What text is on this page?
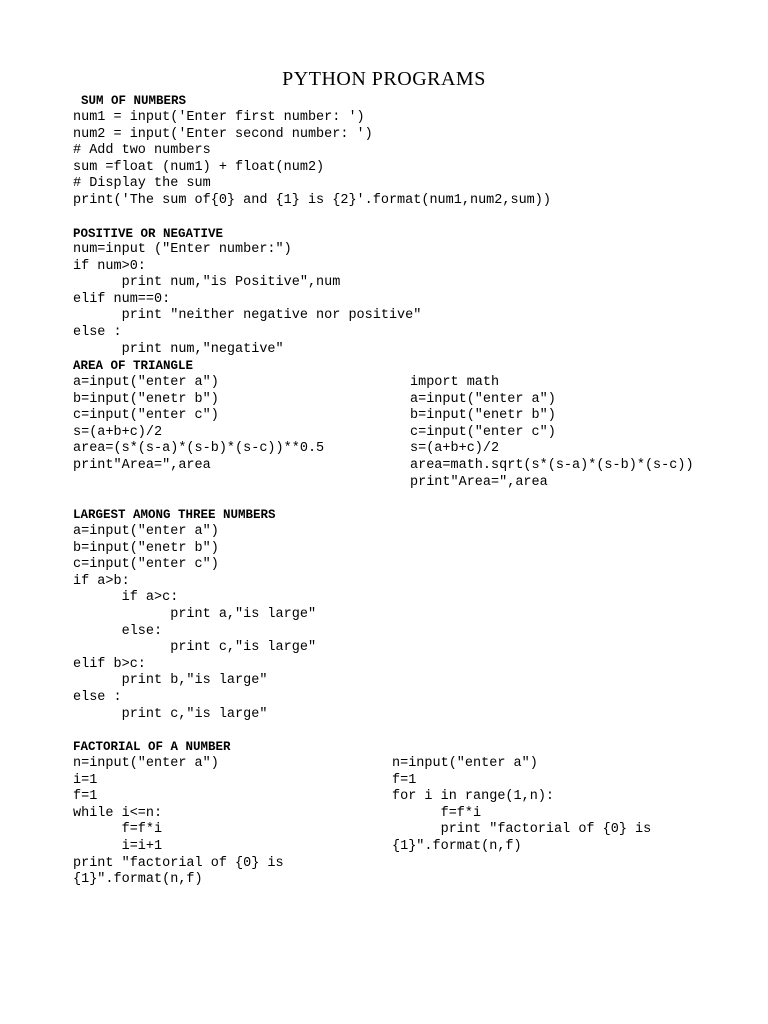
PYTHON PROGRAMS
SUM OF NUMBERS
num1 = input('Enter first number: ')
num2 = input('Enter second number: ')
# Add two numbers
sum =float (num1) + float(num2)
# Display the sum
print('The sum of{0} and {1} is {2}'.format(num1,num2,sum))
POSITIVE OR NEGATIVE
num=input ("Enter number:")
if num>0:
print num,"is Positive",num
elif num==0:
print "neither negative nor positive"
else :
print num,"negative"
AREA OF TRIANGLE
a=input("enter a")
b=input("enetr b")
c=input("enter c")
s=(a+b+c)/2
area=(s*(s-a)*(s-b)*(s-c))**0.5
print"Area=",area
import math
a=input("enter a")
b=input("enetr b")
c=input("enter c")
s=(a+b+c)/2
area=math.sqrt(s*(s-a)*(s-b)*(s-c))
print"Area=",area
LARGEST AMONG THREE NUMBERS
a=input("enter a")
b=input("enetr b")
c=input("enter c")
if a>b:
if a>c:
print a,"is large"
else:
print c,"is large"
elif b>c:
print b,"is large"
else :
print c,"is large"
FACTORIAL OF A NUMBER
n=input("enter a")
i=1
f=1
while i<=n:
f=f*i
i=i+1
print "factorial of {0} is
{1}".format(n,f)
n=input("enter a")
f=1
for i in range(1,n):
f=f*i
print "factorial of {0} is
{1}".format(n,f)
